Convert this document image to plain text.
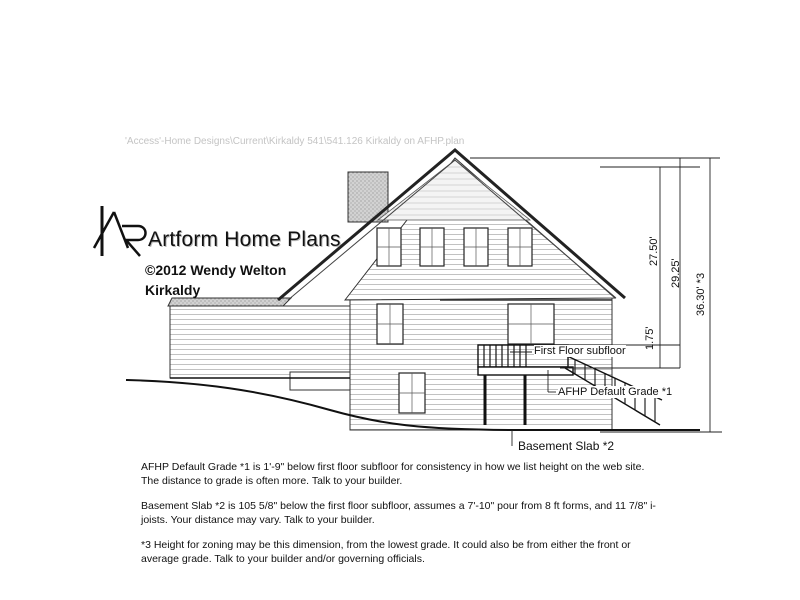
'Access'-Home Designs\Current\Kirkaldy 541\541.126 Kirkaldy on AFHP.plan
Artform Home Plans
©2012 Wendy Welton
Kirkaldy
First Floor subfloor
AFHP Default Grade *1
Basement Slab *2
1.75'
27.50'
29.25' 36.30' *3

AFHP Default Grade *1 is 1'-9" below first floor subfloor for consistency in how we list height on the web site. The distance to grade is often more. Talk to your builder.

Basement Slab *2 is 105 5/8" below the first floor subfloor, assumes a 7'-10" pour from 8 ft forms, and 11 7/8" i-joists. Your distance may vary. Talk to your builder.

*3 Height for zoning may be this dimension, from the lowest grade. It could also be from either the front or average grade. Talk to your builder and/or governing officials.
